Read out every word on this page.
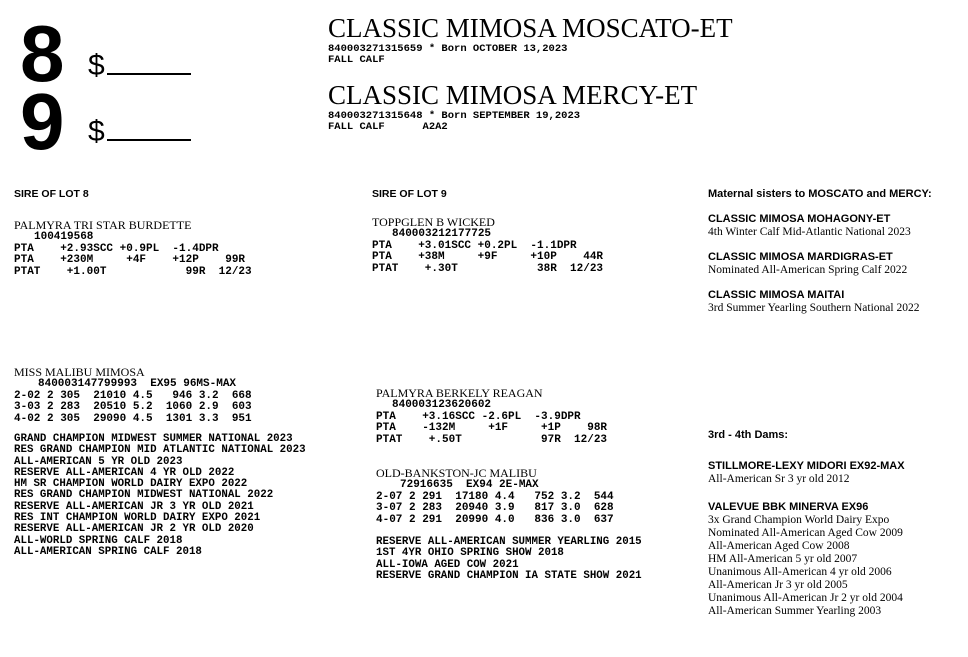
8 $
9 $
CLASSIC MIMOSA MOSCATO-ET
840003271315659 * Born OCTOBER 13,2023
FALL CALF
CLASSIC MIMOSA MERCY-ET
840003271315648 * Born SEPTEMBER 19,2023
FALL CALF      A2A2
SIRE OF LOT 8
PALMYRA TRI STAR BURDETTE
100419568
PTA    +2.93SCC +0.9PL  -1.4DPR
PTA    +230M     +4F    +12P    99R
PTAT    +1.00T            99R  12/23
SIRE OF LOT 9
TOPPGLEN B WICKED
840003212177725
PTA    +3.01SCC +0.2PL  -1.1DPR
PTA    +38M     +9F     +10P    44R
PTAT    +.30T            38R  12/23
Maternal sisters to MOSCATO and MERCY:
CLASSIC MIMOSA MOHAGONY-ET
4th Winter Calf Mid-Atlantic National 2023
CLASSIC MIMOSA MARDIGRAS-ET
Nominated All-American Spring Calf 2022
CLASSIC MIMOSA MAITAI
3rd Summer Yearling Southern National 2022
MISS MALIBU MIMOSA
840003147799993  EX95 96MS-MAX
2-02 2 305  21010 4.5   946 3.2  668
3-03 2 283  20510 5.2  1060 2.9  603
4-02 2 305  29090 4.5  1301 3.3  951
GRAND CHAMPION MIDWEST SUMMER NATIONAL 2023
RES GRAND CHAMPION MID ATLANTIC NATIONAL 2023
ALL-AMERICAN 5 YR OLD 2023
RESERVE ALL-AMERICAN 4 YR OLD 2022
HM SR CHAMPION WORLD DAIRY EXPO 2022
RES GRAND CHAMPION MIDWEST NATIONAL 2022
RESERVE ALL-AMERICAN JR 3 YR OLD 2021
RES INT CHAMPION WORLD DAIRY EXPO 2021
RESERVE ALL-AMERICAN JR 2 YR OLD 2020
ALL-WORLD SPRING CALF 2018
ALL-AMERICAN SPRING CALF 2018
PALMYRA BERKELY REAGAN
840003123620602
PTA    +3.16SCC -2.6PL  -3.9DPR
PTA    -132M     +1F     +1P    98R
PTAT    +.50T            97R  12/23
OLD-BANKSTON-JC MALIBU
72916635  EX94 2E-MAX
2-07 2 291  17180 4.4   752 3.2  544
3-07 2 283  20940 3.9   817 3.0  628
4-07 2 291  20990 4.0   836 3.0  637
RESERVE ALL-AMERICAN SUMMER YEARLING 2015
1ST 4YR OHIO SPRING SHOW 2018
ALL-IOWA AGED COW 2021
RESERVE GRAND CHAMPION IA STATE SHOW 2021
3rd - 4th Dams:
STILLMORE-LEXY MIDORI EX92-MAX
All-American Sr 3 yr old 2012
VALEVUE BBK MINERVA EX96
3x Grand Champion World Dairy Expo
Nominated All-American Aged Cow 2009
All-American Aged Cow 2008
HM All-American 5 yr old 2007
Unanimous All-American 4 yr old 2006
All-American Jr 3 yr old 2005
Unanimous All-American Jr 2 yr old 2004
All-American Summer Yearling 2003
